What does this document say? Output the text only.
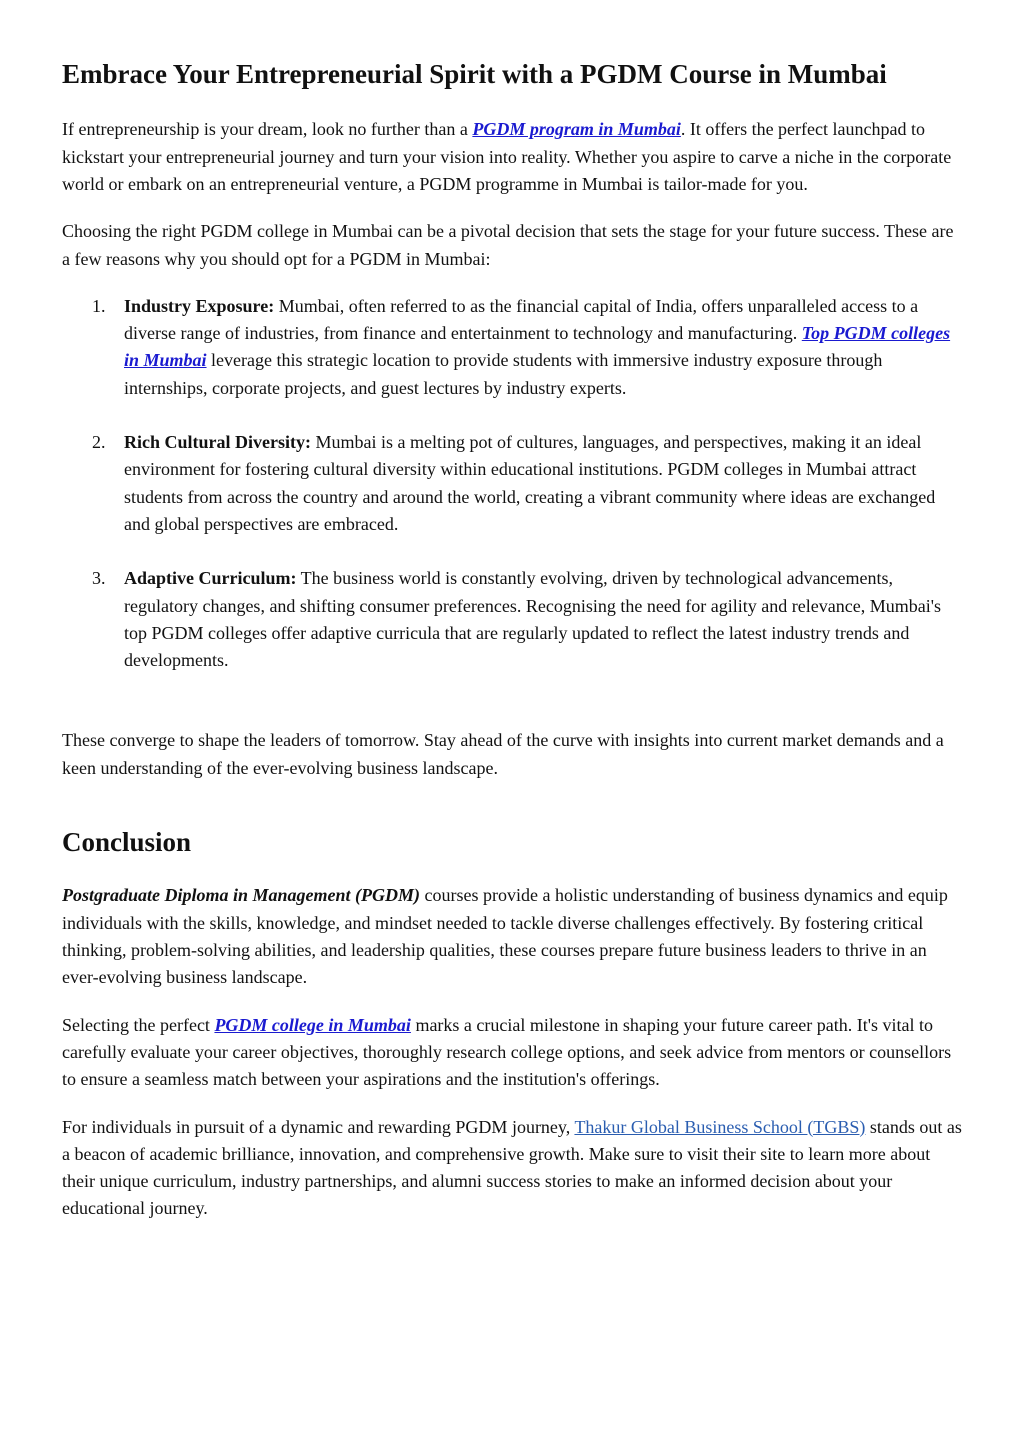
Embrace Your Entrepreneurial Spirit with a PGDM Course in Mumbai

If entrepreneurship is your dream, look no further than a PGDM program in Mumbai. It offers the perfect launchpad to kickstart your entrepreneurial journey and turn your vision into reality. Whether you aspire to carve a niche in the corporate world or embark on an entrepreneurial venture, a PGDM programme in Mumbai is tailor-made for you.

Choosing the right PGDM college in Mumbai can be a pivotal decision that sets the stage for your future success. These are a few reasons why you should opt for a PGDM in Mumbai:

1. Industry Exposure: Mumbai, often referred to as the financial capital of India, offers unparalleled access to a diverse range of industries, from finance and entertainment to technology and manufacturing. Top PGDM colleges in Mumbai leverage this strategic location to provide students with immersive industry exposure through internships, corporate projects, and guest lectures by industry experts.
2. Rich Cultural Diversity: Mumbai is a melting pot of cultures, languages, and perspectives, making it an ideal environment for fostering cultural diversity within educational institutions. PGDM colleges in Mumbai attract students from across the country and around the world, creating a vibrant community where ideas are exchanged and global perspectives are embraced.
3. Adaptive Curriculum: The business world is constantly evolving, driven by technological advancements, regulatory changes, and shifting consumer preferences. Recognising the need for agility and relevance, Mumbai's top PGDM colleges offer adaptive curricula that are regularly updated to reflect the latest industry trends and developments.

These converge to shape the leaders of tomorrow. Stay ahead of the curve with insights into current market demands and a keen understanding of the ever-evolving business landscape.

Conclusion

Postgraduate Diploma in Management (PGDM) courses provide a holistic understanding of business dynamics and equip individuals with the skills, knowledge, and mindset needed to tackle diverse challenges effectively. By fostering critical thinking, problem-solving abilities, and leadership qualities, these courses prepare future business leaders to thrive in an ever-evolving business landscape.

Selecting the perfect PGDM college in Mumbai marks a crucial milestone in shaping your future career path. It's vital to carefully evaluate your career objectives, thoroughly research college options, and seek advice from mentors or counsellors to ensure a seamless match between your aspirations and the institution's offerings.

For individuals in pursuit of a dynamic and rewarding PGDM journey, Thakur Global Business School (TGBS) stands out as a beacon of academic brilliance, innovation, and comprehensive growth. Make sure to visit their site to learn more about their unique curriculum, industry partnerships, and alumni success stories to make an informed decision about your educational journey.
